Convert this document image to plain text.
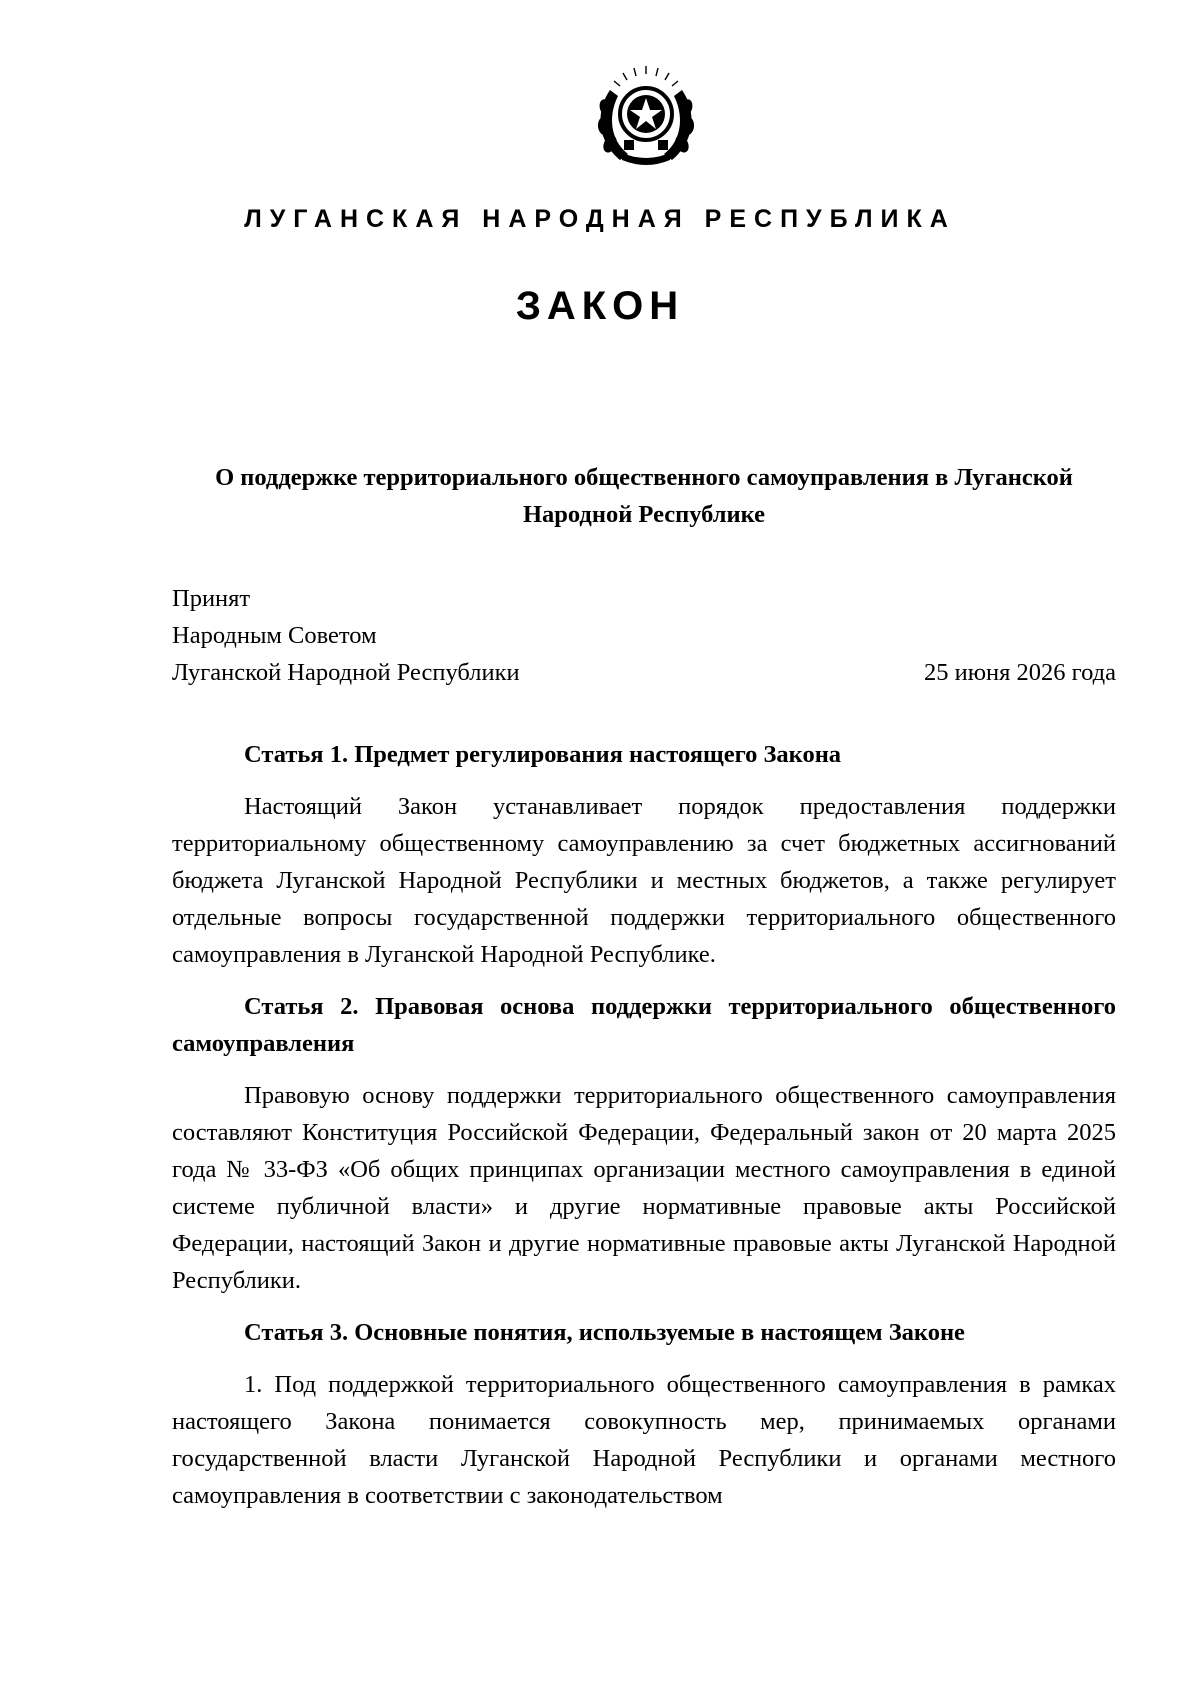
ЛУГАНСКАЯ НАРОДНАЯ РЕСПУБЛИКА
ЗАКОН
О поддержке территориального общественного самоуправления в Луганской Народной Республике
Принят
Народным Советом
Луганской Народной Республики	25 июня 2026 года
Статья 1. Предмет регулирования настоящего Закона
Настоящий Закон устанавливает порядок предоставления поддержки территориальному общественному самоуправлению за счет бюджетных ассигнований бюджета Луганской Народной Республики и местных бюджетов, а также регулирует отдельные вопросы государственной поддержки территориального общественного самоуправления в Луганской Народной Республике.
Статья 2. Правовая основа поддержки территориального общественного самоуправления
Правовую основу поддержки территориального общественного самоуправления составляют Конституция Российской Федерации, Федеральный закон от 20 марта 2025 года № 33-ФЗ «Об общих принципах организации местного самоуправления в единой системе публичной власти» и другие нормативные правовые акты Российской Федерации, настоящий Закон и другие нормативные правовые акты Луганской Народной Республики.
Статья 3. Основные понятия, используемые в настоящем Законе
1. Под поддержкой территориального общественного самоуправления в рамках настоящего Закона понимается совокупность мер, принимаемых органами государственной власти Луганской Народной Республики и органами местного самоуправления в соответствии с законодательством
